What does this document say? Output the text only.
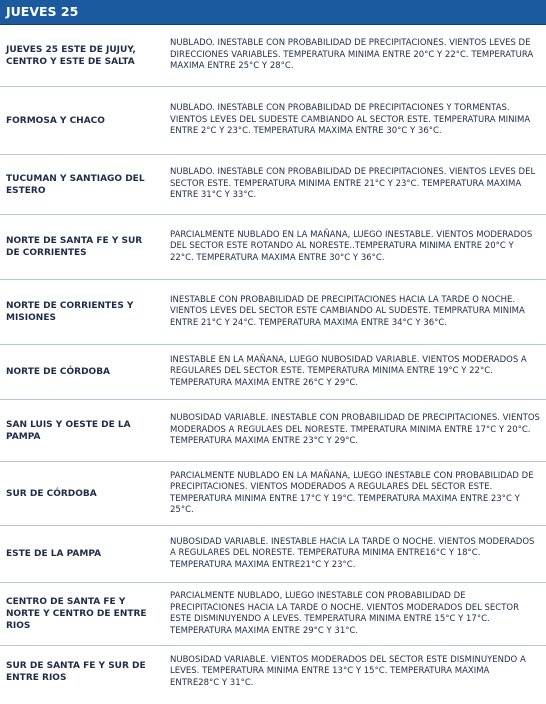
JUEVES 25
JUEVES 25 ESTE DE JUJUY, CENTRO Y ESTE DE SALTA
NUBLADO. INESTABLE CON PROBABILIDAD DE PRECIPITACIONES. VIENTOS LEVES DE DIRECCIONES VARIABLES. TEMPERATURA MINIMA ENTRE 20°C Y 22°C. TEMPERATURA MAXIMA ENTRE 25°C Y 28°C.
FORMOSA Y CHACO
NUBLADO. INESTABLE CON PROBABILIDAD DE PRECIPITACIONES Y TORMENTAS. VIENTOS LEVES DEL SUDESTE CAMBIANDO AL SECTOR ESTE. TEMPERATURA MINIMA ENTRE 2°C Y 23°C. TEMPERATURA MAXIMA ENTRE 30°C Y 36°C.
TUCUMAN Y SANTIAGO DEL ESTERO
NUBLADO. INESTABLE CON PROBABILIDAD DE PRECIPITACIONES. VIENTOS LEVES DEL SECTOR ESTE. TEMPERATURA MINIMA ENTRE 21°C Y 23°C. TEMPERATURA MAXIMA ENTRE 31°C Y 33°C.
NORTE DE SANTA FE Y SUR DE CORRIENTES
PARCIALMENTE NUBLADO EN LA MAÑANA, LUEGO INESTABLE. VIENTOS MODERADOS DEL SECTOR ESTE ROTANDO AL NORESTE..TEMPERATURA MINIMA ENTRE 20°C Y 22°C. TEMPERATURA MAXIMA ENTRE 30°C Y 36°C.
NORTE DE CORRIENTES Y MISIONES
INESTABLE CON PROBABILIDAD DE PRECIPITACIONES HACIA LA TARDE O NOCHE. VIENTOS LEVES DEL SECTOR ESTE CAMBIANDO AL SUDESTE. TEMPRATURA MINIMA ENTRE 21°C Y 24°C. TEMPERATURA MAXIMA ENTRE 34°C Y 36°C.
NORTE DE CÓRDOBA
INESTABLE EN LA MAÑANA, LUEGO NUBOSIDAD VARIABLE. VIENTOS MODERADOS A REGULARES DEL SECTOR ESTE. TEMPERATURA MINIMA ENTRE 19°C Y 22°C. TEMPERATURA MAXIMA ENTRE 26°C Y 29°C.
SAN LUIS Y OESTE DE LA PAMPA
NUBOSIDAD VARIABLE. INESTABLE CON PROBABILIDAD DE PRECIPITACIONES. VIENTOS MODERADOS A REGULAES DEL NORESTE. TMPERATURA MINIMA ENTRE 17°C Y 20°C. TEMPERATURA MAXIMA ENTRE 23°C Y 29°C.
SUR DE CÓRDOBA
PARCIALMENTE NUBLADO EN LA MAÑANA, LUEGO INESTABLE CON PROBABILIDAD DE PRECIPITACIONES. VIENTOS MODERADOS A REGULARES DEL SECTOR ESTE. TEMPERATURA MINIMA ENTRE 17°C Y 19°C. TEMPERATURA MAXIMA ENTRE 23°C Y 25°C.
ESTE DE LA PAMPA
NUBOSIDAD VARIABLE. INESTABLE HACIA LA TARDE O NOCHE. VIENTOS MODERADOS A REGULARES DEL NORESTE. TEMPERATURA MINIMA ENTRE16°C Y 18°C. TEMPERATURA MAXIMA ENTRE21°C Y 23°C.
CENTRO DE SANTA FE Y NORTE Y CENTRO DE ENTRE RIOS
PARCIALMENTE NUBLADO, LUEGO INESTABLE CON PROBABILIDAD DE PRECIPITACIONES HACIA LA TARDE O NOCHE. VIENTOS MODERADOS DEL SECTOR ESTE DISMINUYENDO A LEVES. TEMPERATURA MINIMA ENTRE 15°C Y 17°C. TEMPERATURA MAXIMA ENTRE 29°C Y 31°C.
SUR DE SANTA FE Y SUR DE ENTRE RIOS
NUBOSIDAD VARIABLE. VIENTOS MODERADOS DEL SECTOR ESTE DISMINUYENDO A LEVES. TEMPERATURA MINIMA ENTRE 13°C Y 15°C. TEMPERATURA MAXIMA ENTRE28°C Y 31°C.
